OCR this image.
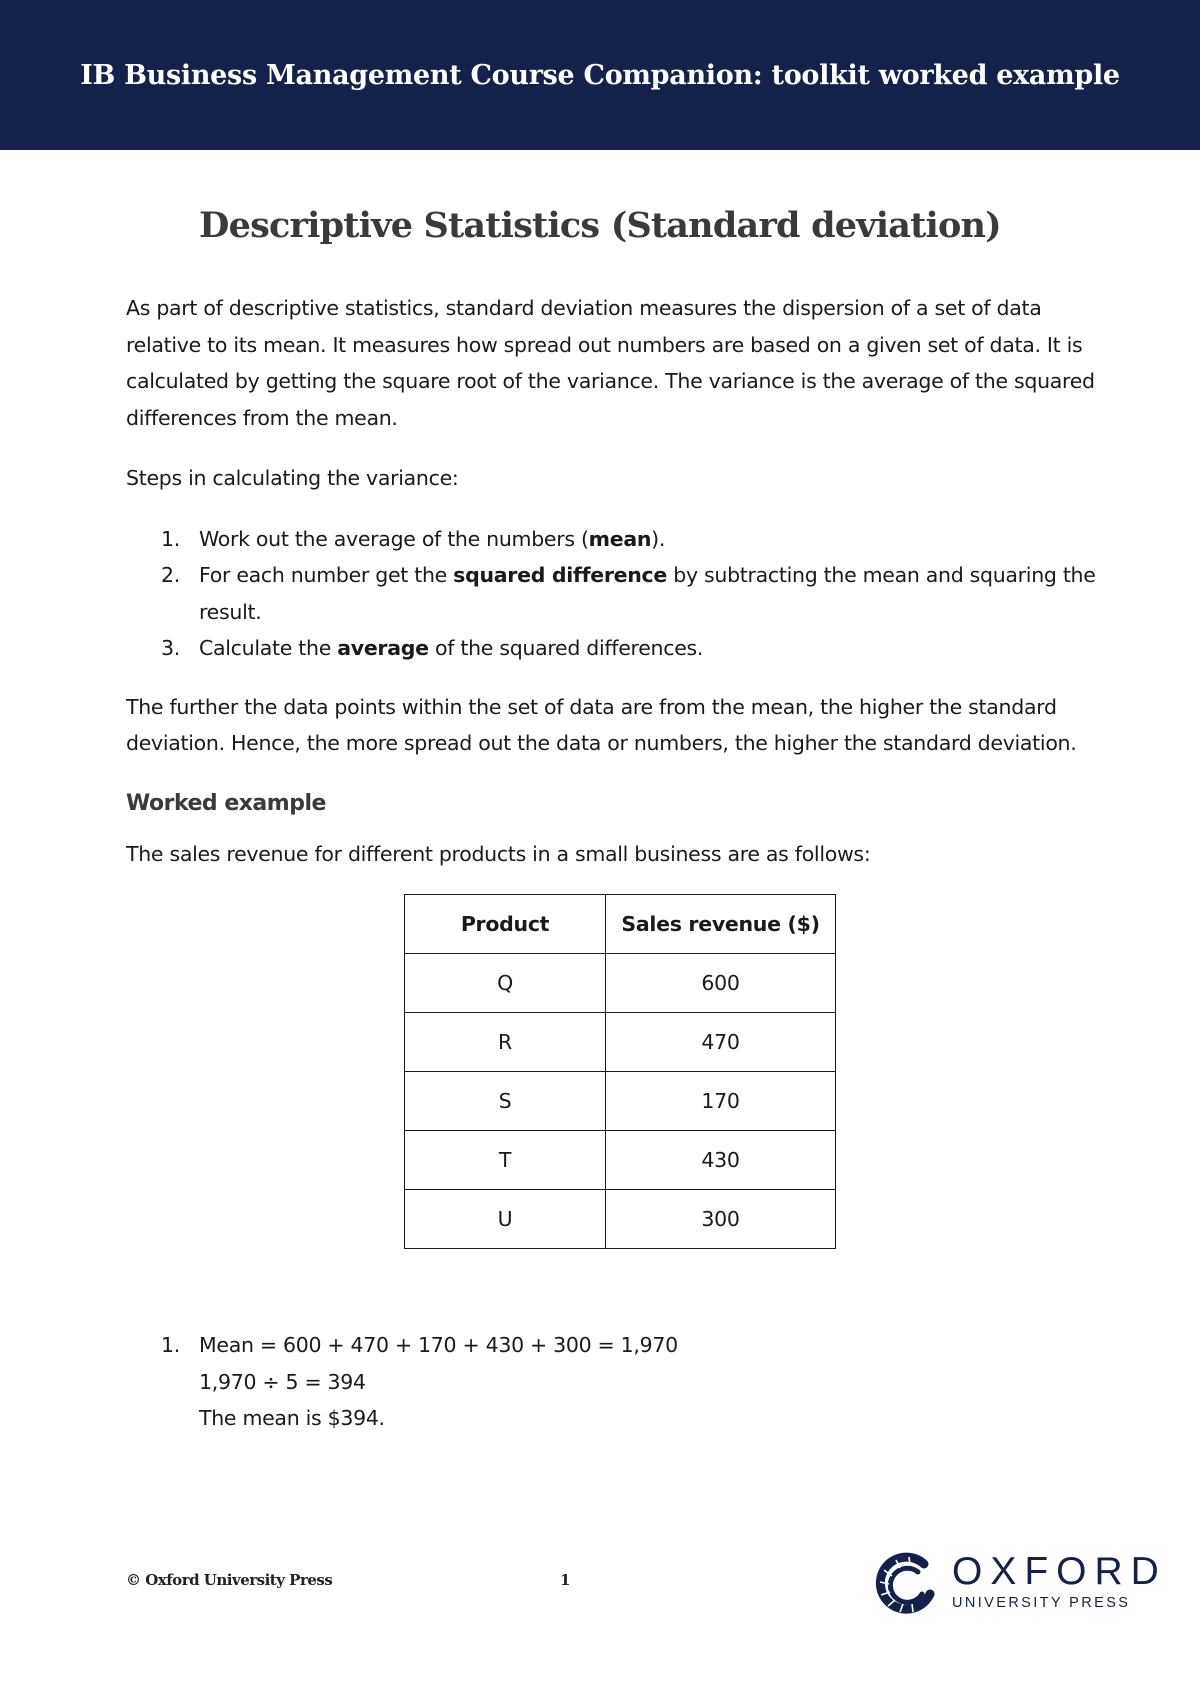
IB Business Management Course Companion: toolkit worked example
Descriptive Statistics (Standard deviation)

As part of descriptive statistics, standard deviation measures the dispersion of a set of data relative to its mean. It measures how spread out numbers are based on a given set of data. It is calculated by getting the square root of the variance. The variance is the average of the squared differences from the mean.

Steps in calculating the variance:

1. Work out the average of the numbers (mean).
2. For each number get the squared difference by subtracting the mean and squaring the result.
3. Calculate the average of the squared differences.

The further the data points within the set of data are from the mean, the higher the standard deviation. Hence, the more spread out the data or numbers, the higher the standard deviation.

Worked example

The sales revenue for different products in a small business are as follows:

Product	Sales revenue ($)
Q	600
R	470
S	170
T	430
U	300
1. Mean = 600 + 470 + 170 + 430 + 300 = 1,970
1,970 ÷ 5 = 394
The mean is $394.
© Oxford University Press	1	OXFORD
UNIVERSITY PRESS
